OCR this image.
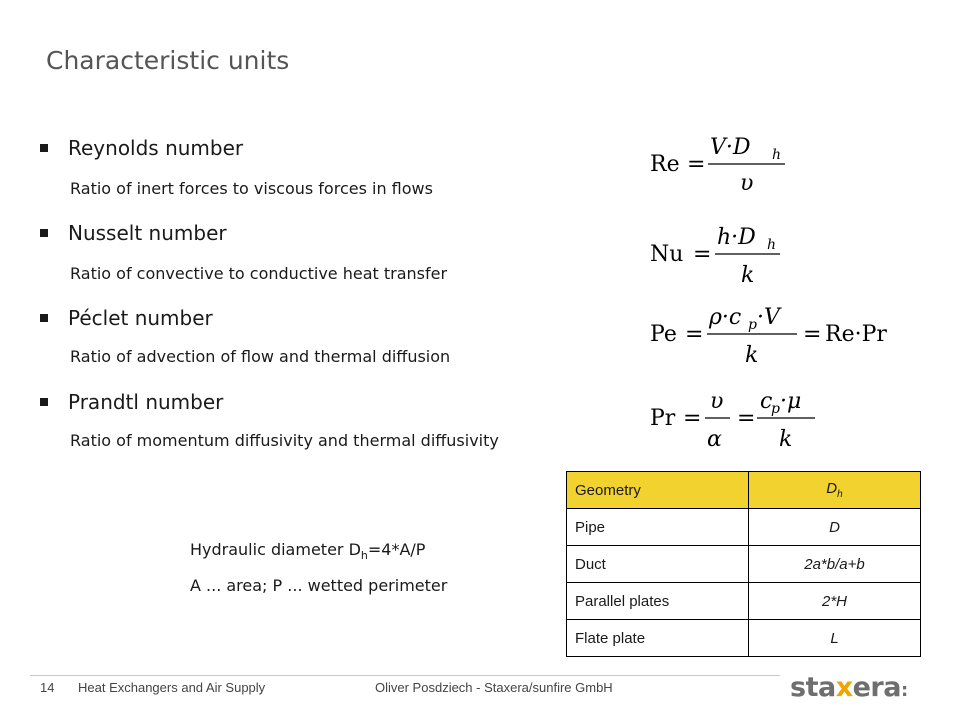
Characteristic units
Reynolds number
Ratio of inert forces to viscous forces in flows
Nusselt number
Ratio of convective to conductive heat transfer
Péclet number
Ratio of advection of flow and thermal diffusion
Prandtl number
Ratio of momentum diffusivity and thermal diffusivity
Re =
V·D h
υ
Nu =
h·D h
k
Pe =
ρ·c p ·V
k
= Re·Pr
Pr =
υ
α
=
c
p ·μ
k
Hydraulic diameter $D_h=4*A/P$
A ... area; P ... wetted perimeter
Geometry	$D_h$
Pipe	D
Duct	2a*b/a+b
Parallel plates	2*H
Flate plate	L
14 Heat Exchangers and Air Supply	Oliver Posdziech - Staxera/sunfire GmbH	staxera:
